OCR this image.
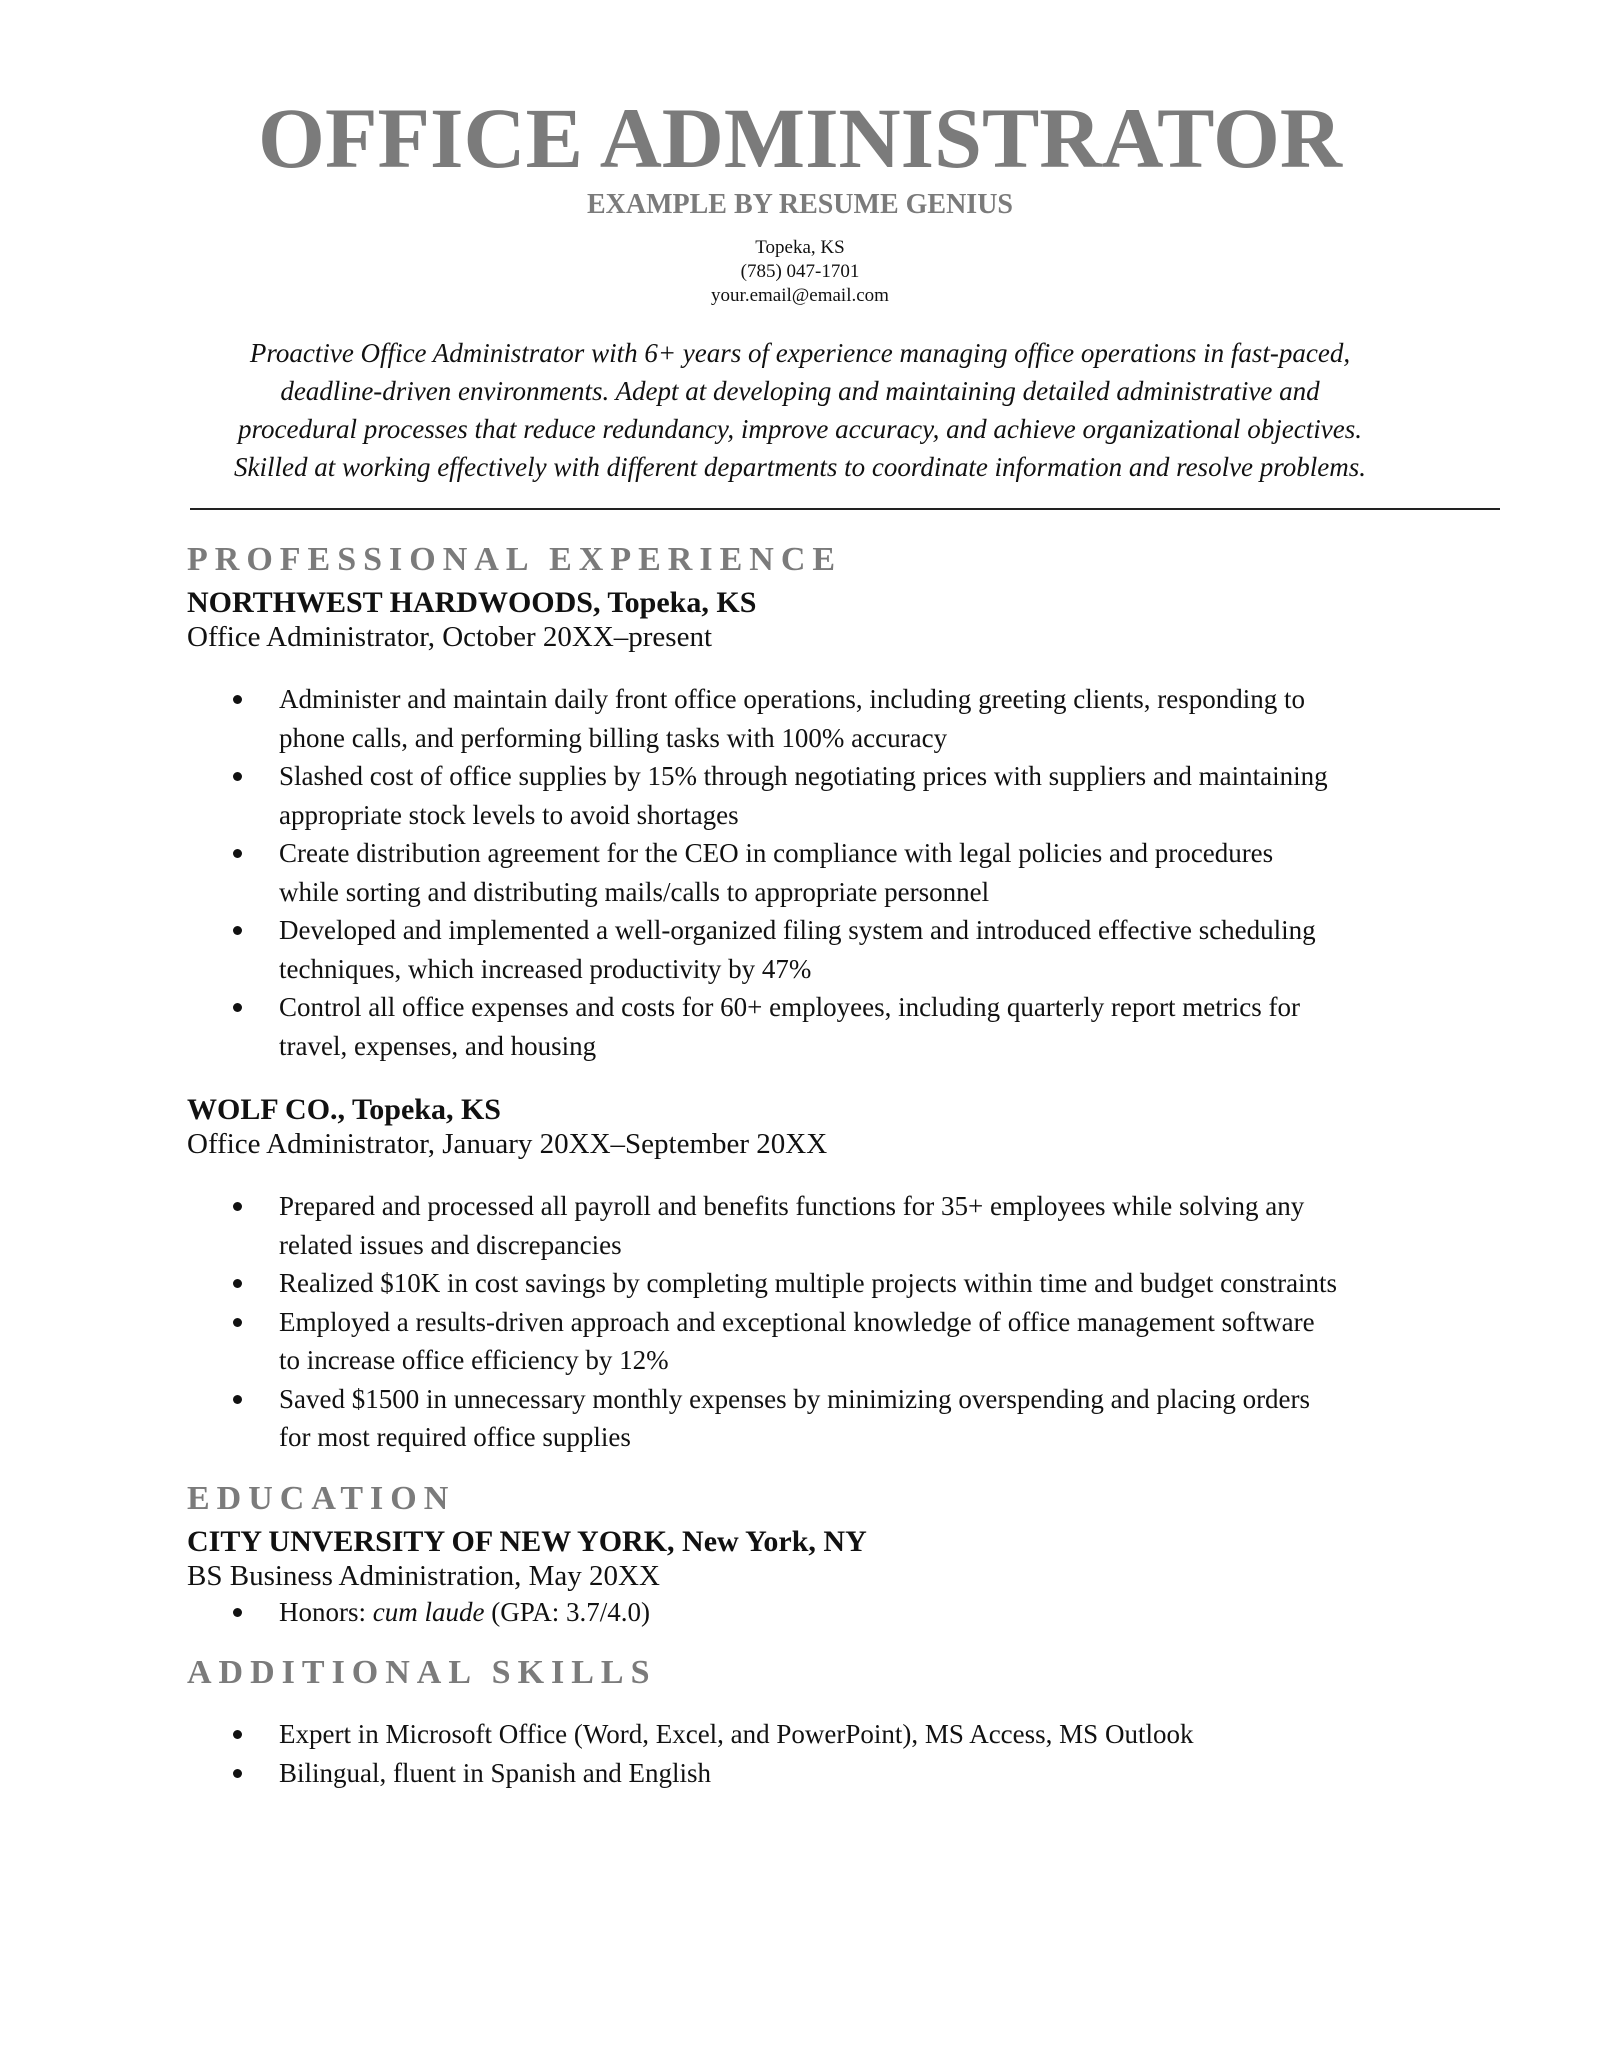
OFFICE ADMINISTRATOR
EXAMPLE BY RESUME GENIUS
Topeka, KS
(785) 047-1701
your.email@email.com
Proactive Office Administrator with 6+ years of experience managing office operations in fast-paced,
deadline-driven environments. Adept at developing and maintaining detailed administrative and
procedural processes that reduce redundancy, improve accuracy, and achieve organizational objectives.
Skilled at working effectively with different departments to coordinate information and resolve problems.
PROFESSIONAL EXPERIENCE
NORTHWEST HARDWOODS, Topeka, KS
Office Administrator, October 20XX–present
Administer and maintain daily front office operations, including greeting clients, responding to
phone calls, and performing billing tasks with 100% accuracy
Slashed cost of office supplies by 15% through negotiating prices with suppliers and maintaining
appropriate stock levels to avoid shortages
Create distribution agreement for the CEO in compliance with legal policies and procedures
while sorting and distributing mails/calls to appropriate personnel
Developed and implemented a well-organized filing system and introduced effective scheduling
techniques, which increased productivity by 47%
Control all office expenses and costs for 60+ employees, including quarterly report metrics for
travel, expenses, and housing
WOLF CO., Topeka, KS
Office Administrator, January 20XX–September 20XX
Prepared and processed all payroll and benefits functions for 35+ employees while solving any
related issues and discrepancies
Realized $10K in cost savings by completing multiple projects within time and budget constraints
Employed a results-driven approach and exceptional knowledge of office management software
to increase office efficiency by 12%
Saved $1500 in unnecessary monthly expenses by minimizing overspending and placing orders
for most required office supplies
EDUCATION
CITY UNVERSITY OF NEW YORK, New York, NY
BS Business Administration, May 20XX
Honors: cum laude (GPA: 3.7/4.0)
ADDITIONAL SKILLS
Expert in Microsoft Office (Word, Excel, and PowerPoint), MS Access, MS Outlook
Bilingual, fluent in Spanish and English
